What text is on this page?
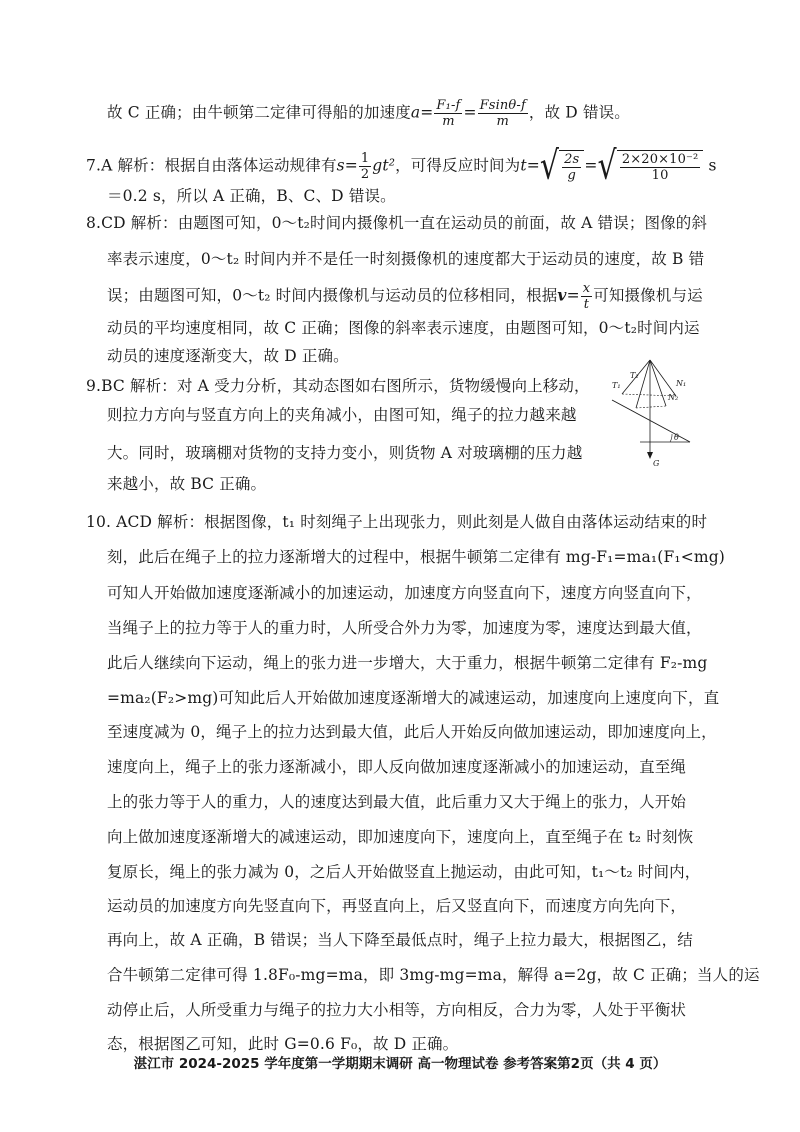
故 C 正确；由牛顿第二定律可得船的加速度$a= \frac{\text{F₁-f}}{m} = \frac{Fsin\theta-f}{m}$ ，故 D 错误。
7.A 解析：根据自由落体运动规律有$s= \frac{1}{2} gt^2$，可得反应时间为$t=√ \frac{2s}{g}$ =√ $\frac{\text{2×20×10⁻²}}{10}$ s
＝0.2 s，所以 A 正确，B、C、D 错误。
8.CD 解析：由题图可知，0～t₂时间内摄像机一直在运动员的前面，故 A 错误；图像的斜
率表示速度，0～t₂ 时间内并不是任一时刻摄像机的速度都大于运动员的速度，故 B 错
误；由题图可知，0～t₂ 时间内摄像机与运动员的位移相同，根据$v= \frac{x}{t}$ 可知摄像机与运
动员的平均速度相同，故 C 正确；图像的斜率表示速度，由题图可知，0～t₂时间内运
动员的速度逐渐变大，故 D 正确。
9.BC 解析：对 A 受力分析，其动态图如右图所示，货物缓慢向上移动，
则拉力方向与竖直方向上的夹角减小，由图可知，绳子的拉力越来越
大。同时，玻璃棚对货物的支持力变小，则货物 A 对玻璃棚的压力越
来越小，故 BC 正确。
T₁
T₂
N₁
N₂
θ
G
10. ACD 解析：根据图像，t₁ 时刻绳子上出现张力，则此刻是人做自由落体运动结束的时
刻，此后在绳子上的拉力逐渐增大的过程中，根据牛顿第二定律有 mg-F₁=ma₁(F₁<mg)
可知人开始做加速度逐渐减小的加速运动，加速度方向竖直向下，速度方向竖直向下，
当绳子上的拉力等于人的重力时，人所受合外力为零，加速度为零，速度达到最大值，
此后人继续向下运动，绳上的张力进一步增大，大于重力，根据牛顿第二定律有 F₂-mg
=ma₂(F₂>mg)可知此后人开始做加速度逐渐增大的减速运动，加速度向上速度向下，直
至速度减为 0，绳子上的拉力达到最大值，此后人开始反向做加速运动，即加速度向上，
速度向上，绳子上的张力逐渐减小，即人反向做加速度逐渐减小的加速运动，直至绳
上的张力等于人的重力，人的速度达到最大值，此后重力又大于绳上的张力，人开始
向上做加速度逐渐增大的减速运动，即加速度向下，速度向上，直至绳子在 t₂ 时刻恢
复原长，绳上的张力减为 0，之后人开始做竖直上抛运动，由此可知，t₁～t₂ 时间内，
运动员的加速度方向先竖直向下，再竖直向上，后又竖直向下，而速度方向先向下，
再向上，故 A 正确，B 错误；当人下降至最低点时，绳子上拉力最大，根据图乙，结
合牛顿第二定律可得 1.8F₀-mg=ma，即 3mg-mg=ma，解得 a=2g，故 C 正确；当人的运
动停止后，人所受重力与绳子的拉力大小相等，方向相反，合力为零，人处于平衡状
态，根据图乙可知，此时 G=0.6 F₀，故 D 正确。
湛江市 2024-2025 学年度第一学期期末调研 高一物理试卷 参考答案第2页（共 4 页）
